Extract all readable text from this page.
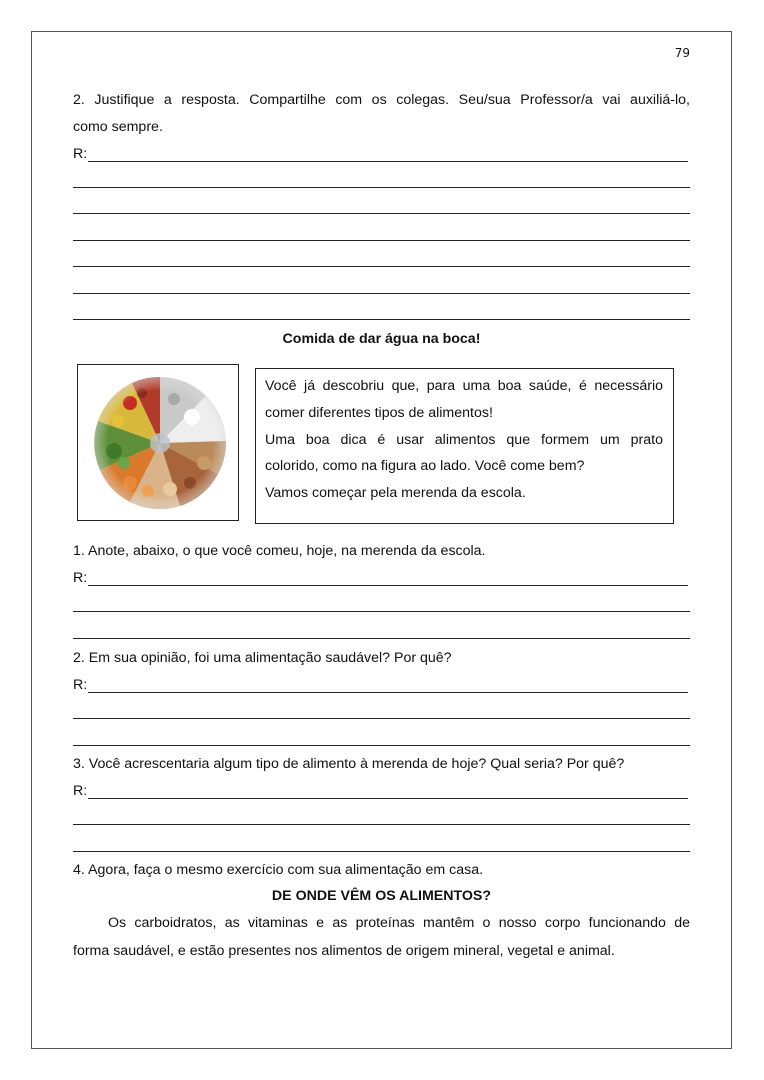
79
2. Justifique a resposta. Compartilhe com os colegas. Seu/sua Professor/a vai auxiliá-lo,
como sempre.
R:
Comida de dar água na boca!
Você já descobriu que, para uma boa saúde, é necessário
comer diferentes tipos de alimentos!
Uma boa dica é usar alimentos que formem um prato
colorido, como na figura ao lado. Você come bem?
Vamos começar pela merenda da escola.
1. Anote, abaixo, o que você comeu, hoje, na merenda da escola.
R:
2. Em sua opinião, foi uma alimentação saudável? Por quê?
R:
3. Você acrescentaria algum tipo de alimento à merenda de hoje? Qual seria? Por quê?
R:
4. Agora, faça o mesmo exercício com sua alimentação em casa.
DE ONDE VÊM OS ALIMENTOS?
Os carboidratos, as vitaminas e as proteínas mantêm o nosso corpo funcionando de
forma saudável, e estão presentes nos alimentos de origem mineral, vegetal e animal.
